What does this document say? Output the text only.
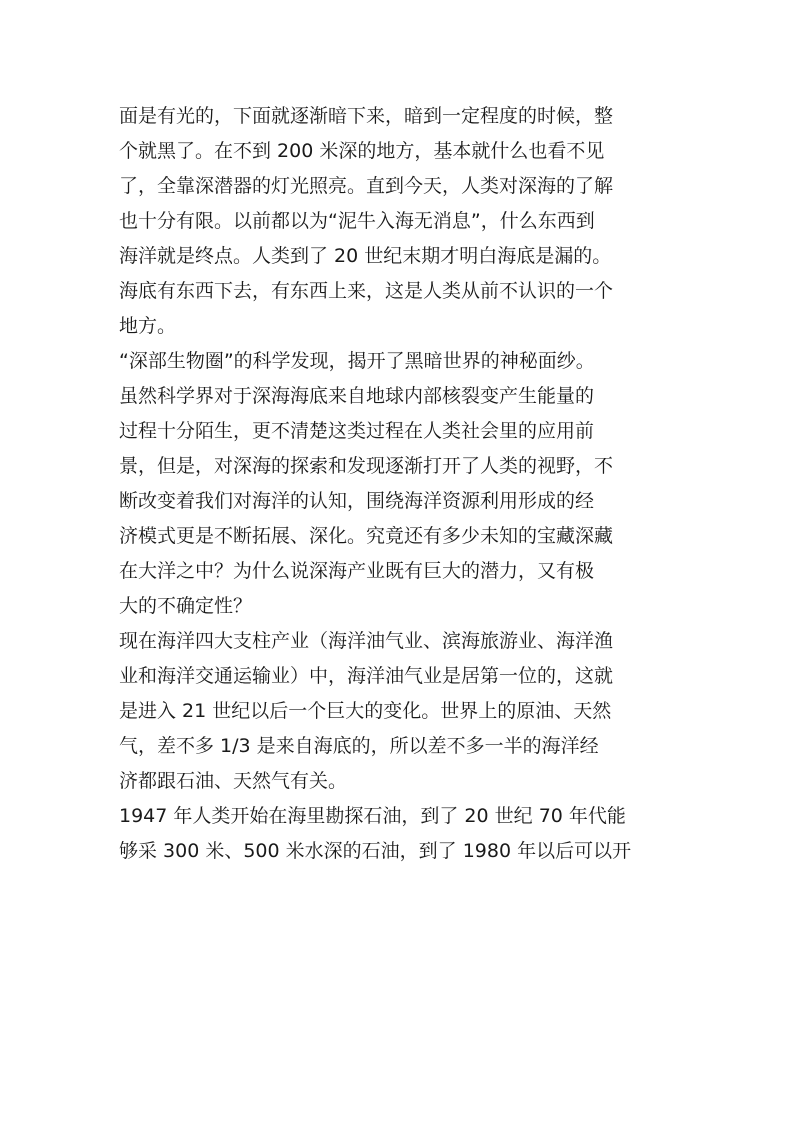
面是有光的，下面就逐渐暗下来，暗到一定程度的时候，整
个就黑了。在不到 200 米深的地方，基本就什么也看不见
了，全靠深潜器的灯光照亮。直到今天，人类对深海的了解
也十分有限。以前都以为“泥牛入海无消息”，什么东西到
海洋就是终点。人类到了 20 世纪末期才明白海底是漏的。
海底有东西下去，有东西上来，这是人类从前不认识的一个
地方。
“深部生物圈”的科学发现，揭开了黑暗世界的神秘面纱。
虽然科学界对于深海海底来自地球内部核裂变产生能量的
过程十分陌生，更不清楚这类过程在人类社会里的应用前
景，但是，对深海的探索和发现逐渐打开了人类的视野，不
断改变着我们对海洋的认知，围绕海洋资源利用形成的经
济模式更是不断拓展、深化。究竟还有多少未知的宝藏深藏
在大洋之中？为什么说深海产业既有巨大的潜力，又有极
大的不确定性？
现在海洋四大支柱产业（海洋油气业、滨海旅游业、海洋渔
业和海洋交通运输业）中，海洋油气业是居第一位的，这就
是进入 21 世纪以后一个巨大的变化。世界上的原油、天然
气，差不多 1/3 是来自海底的，所以差不多一半的海洋经
济都跟石油、天然气有关。
1947 年人类开始在海里勘探石油，到了 20 世纪 70 年代能
够采 300 米、500 米水深的石油，到了 1980 年以后可以开
